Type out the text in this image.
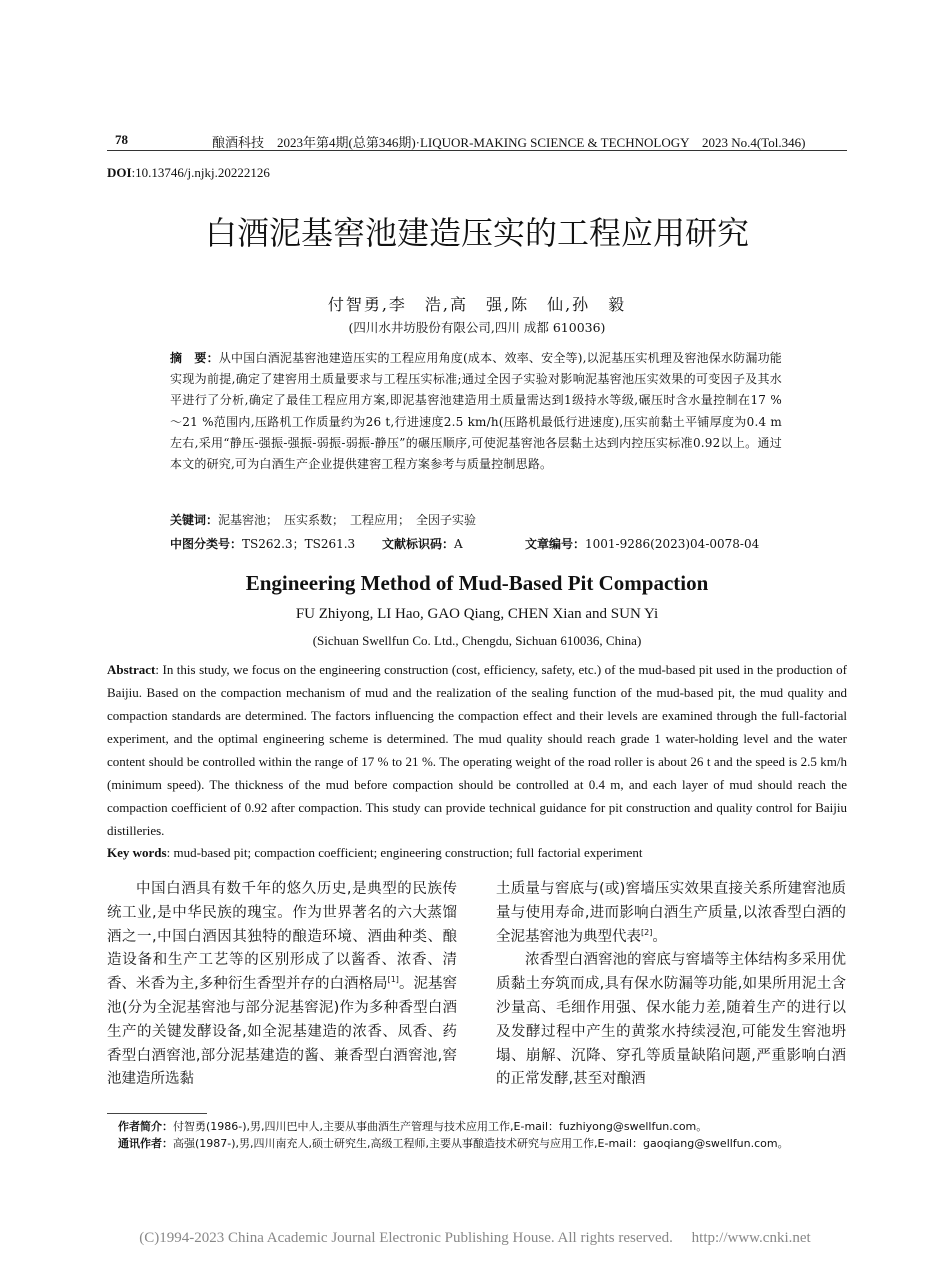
78	酿酒科技　2023年第4期(总第346期)·LIQUOR-MAKING SCIENCE & TECHNOLOGY　2023 No.4(Tol.346)
DOI:10.13746/j.njkj.20222126
白酒泥基窖池建造压实的工程应用研究
付智勇,李　浩,高　强,陈　仙,孙　毅
(四川水井坊股份有限公司,四川 成都 610036)
摘　要：从中国白酒泥基窖池建造压实的工程应用角度(成本、效率、安全等),以泥基压实机理及窖池保水防漏功能实现为前提,确定了建窖用土质量要求与工程压实标准;通过全因子实验对影响泥基窖池压实效果的可变因子及其水平进行了分析,确定了最佳工程应用方案,即泥基窖池建造用土质量需达到1级持水等级,碾压时含水量控制在17 %～21 %范围内,压路机工作质量约为26 t,行进速度2.5 km/h(压路机最低行进速度),压实前黏土平铺厚度为0.4 m左右,采用“静压-强振-强振-弱振-弱振-静压”的碾压顺序,可使泥基窖池各层黏土达到内控压实标准0.92以上。通过本文的研究,可为白酒生产企业提供建窖工程方案参考与质量控制思路。
关键词：泥基窖池；　压实系数；　工程应用；　全因子实验
中图分类号：TS262.3；TS261.3 文献标识码：A	文章编号：1001-9286(2023)04-0078-04
Engineering Method of Mud-Based Pit Compaction
FU Zhiyong, LI Hao, GAO Qiang, CHEN Xian and SUN Yi
(Sichuan Swellfun Co. Ltd., Chengdu, Sichuan 610036, China)
Abstract: In this study, we focus on the engineering construction (cost, efficiency, safety, etc.) of the mud-based pit used in the production of Baijiu. Based on the compaction mechanism of mud and the realization of the sealing function of the mud-based pit, the mud quality and compaction standards are determined. The factors influencing the compaction effect and their levels are examined through the full-factorial experiment, and the optimal engineering scheme is determined. The mud quality should reach grade 1 water-holding level and the water content should be controlled within the range of 17 % to 21 %. The operating weight of the road roller is about 26 t and the speed is 2.5 km/h (minimum speed). The thickness of the mud before compaction should be controlled at 0.4 m, and each layer of mud should reach the compaction coefficient of 0.92 after compaction. This study can provide technical guidance for pit construction and quality control for Baijiu distilleries.
Key words: mud-based pit; compaction coefficient; engineering construction; full factorial experiment

中国白酒具有数千年的悠久历史,是典型的民族传统工业,是中华民族的瑰宝。作为世界著名的六大蒸馏酒之一,中国白酒因其独特的酿造环境、酒曲种类、酿造设备和生产工艺等的区别形成了以酱香、浓香、清香、米香为主,多种衍生香型并存的白酒格局[1]。泥基窖池(分为全泥基窖池与部分泥基窖泥)作为多种香型白酒生产的关键发酵设备,如全泥基建造的浓香、凤香、药香型白酒窖池,部分泥基建造的酱、兼香型白酒窖池,窖池建造所选黏

土质量与窖底与(或)窖墙压实效果直接关系所建窖池质量与使用寿命,进而影响白酒生产质量,以浓香型白酒的全泥基窖池为典型代表[2]。

浓香型白酒窖池的窖底与窖墙等主体结构多采用优质黏土夯筑而成,具有保水防漏等功能,如果所用泥土含沙量高、毛细作用强、保水能力差,随着生产的进行以及发酵过程中产生的黄浆水持续浸泡,可能发生窖池坍塌、崩解、沉降、穿孔等质量缺陷问题,严重影响白酒的正常发酵,甚至对酿酒

作者简介：付智勇(1986-),男,四川巴中人,主要从事曲酒生产管理与技术应用工作,E-mail：fuzhiyong@swellfun.com。
通讯作者：高强(1987-),男,四川南充人,硕士研究生,高级工程师,主要从事酿造技术研究与应用工作,E-mail：gaoqiang@swellfun.com。
(C)1994-2023 China Academic Journal Electronic Publishing House. All rights reserved.　 http://www.cnki.net
